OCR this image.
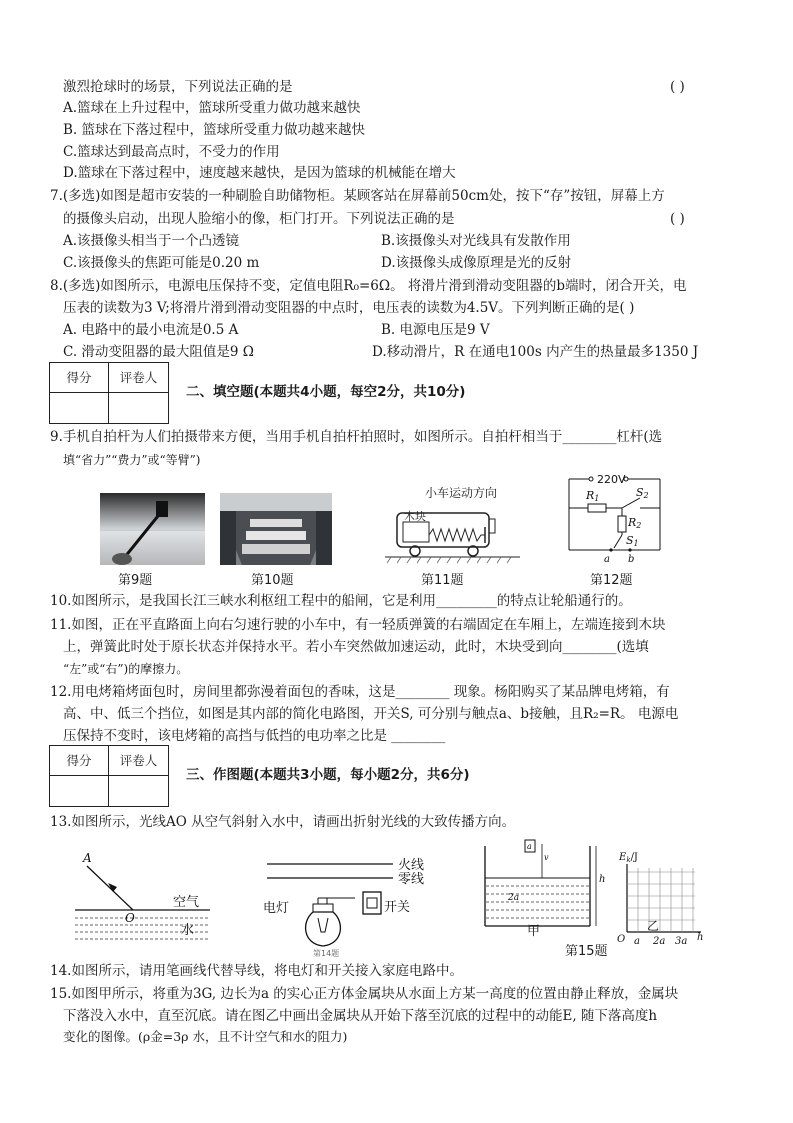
激烈抢球时的场景，下列说法正确的是	( )
A.篮球在上升过程中，篮球所受重力做功越来越快
B. 篮球在下落过程中，篮球所受重力做功越来越快
C.篮球达到最高点时，不受力的作用
D.篮球在下落过程中，速度越来越快，是因为篮球的机械能在增大
7.(多选)如图是超市安装的一种刷脸自助储物柜。某顾客站在屏幕前50cm处，按下“存”按钮，屏幕上方
的摄像头启动，出现人脸缩小的像，柜门打开。下列说法正确的是	( )
A.该摄像头相当于一个凸透镜	B.该摄像头对光线具有发散作用
C.该摄像头的焦距可能是0.20 m	D.该摄像头成像原理是光的反射
8.(多选)如图所示，电源电压保持不变，定值电阻R₀=6Ω。 将滑片滑到滑动变阻器的b端时，闭合开关，电
压表的读数为3 V;将滑片滑到滑动变阻器的中点时，电压表的读数为4.5V。下列判断正确的是( )
A. 电路中的最小电流是0.5 A	B. 电源电压是9 V
C. 滑动变阻器的最大阻值是9 Ω	D.移动滑片，R 在通电100s 内产生的热量最多1350 J
得分	评卷人
二、填空题(本题共4小题，每空2分，共10分)
9.手机自拍杆为人们拍摄带来方便，当用手机自拍杆拍照时，如图所示。自拍杆相当于________杠杆(选
填“省力”“费力”或“等臂”)
小车运动方向
木块
220V
R1	S2
R2
S1
a b
第9题	第10题	第11题	第12题
10.如图所示，是我国长江三峡水利枢纽工程中的船闸，它是利用_________的特点让轮船通行的。
11.如图，正在平直路面上向右匀速行驶的小车中，有一轻质弹簧的右端固定在车厢上，左端连接到木块
上，弹簧此时处于原长状态并保持水平。若小车突然做加速运动，此时，木块受到向________(选填
“左”或“右”)的摩擦力。
12.用电烤箱烤面包时，房间里都弥漫着面包的香味，这是________ 现象。杨阳购买了某品牌电烤箱，有
高、中、低三个挡位，如图是其内部的简化电路图，开关S, 可分别与触点a、b接触，且R₂=R。 电源电
压保持不变时，该电烤箱的高挡与低挡的电功率之比是 ________
得分	评卷人
三、作图题(本题共3小题，每小题2分，共6分)
13.如图所示，光线AO 从空气斜射入水中，请画出折射光线的大致传播方向。
A
O
空气
水
火线
零线
电灯	开关
第14题
a
v
2a
h
甲
$E_k/J$
乙
O a 2a 3a h
第15题
14.如图所示，请用笔画线代替导线，将电灯和开关接入家庭电路中。
15.如图甲所示，将重为3G, 边长为a 的实心正方体金属块从水面上方某一高度的位置由静止释放，金属块
下落没入水中，直至沉底。请在图乙中画出金属块从开始下落至沉底的过程中的动能E, 随下落高度h
变化的图像。(ρ金=3ρ 水，且不计空气和水的阻力)
